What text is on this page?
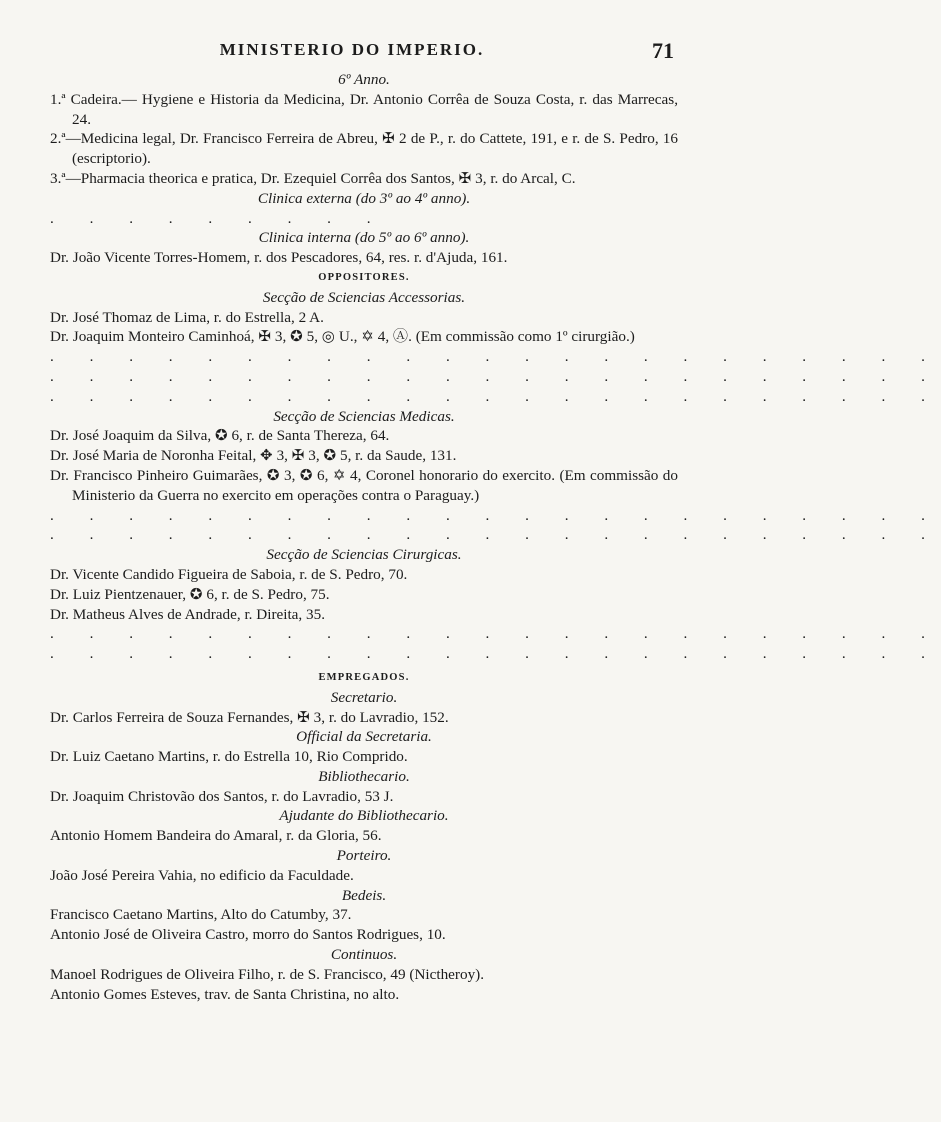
MINISTERIO DO IMPERIO.	71
6º Anno.
1.ª Cadeira.— Hygiene e Historia da Medicina, Dr. Antonio Corrêa de Souza Costa, r. das Marrecas, 24.
2.ª—Medicina legal, Dr. Francisco Ferreira de Abreu, ✠ 2 de P., r. do Cattete, 191, e r. de S. Pedro, 16 (escriptorio).
3.ª—Pharmacia theorica e pratica, Dr. Ezequiel Corrêa dos Santos, ✠ 3, r. do Arcal, C.
Clinica externa (do 3º ao 4º anno).
. . . . . . . . .
Clinica interna (do 5º ao 6º anno).
Dr. João Vicente Torres-Homem, r. dos Pescadores, 64, res. r. d'Ajuda, 161.
OPPOSITORES.
Secção de Sciencias Accessorias.
Dr. José Thomaz de Lima, r. do Estrella, 2 A.
Dr. Joaquim Monteiro Caminhoá, ✠ 3, ✪ 5, ◎ U., ✡ 4, Ⓐ. (Em commissão como 1º cirurgião.)
. . . . . . . . . . . . . . . . . . . . . . .
. . . . . . . . . . . . . . . . . . . . . . .
. . . . . . . . . . . . . . . . . . . . . . .
Secção de Sciencias Medicas.
Dr. José Joaquim da Silva, ✪ 6, r. de Santa Thereza, 64.
Dr. José Maria de Noronha Feital, ✥ 3, ✠ 3, ✪ 5, r. da Saude, 131.
Dr. Francisco Pinheiro Guimarães, ✪ 3, ✪ 6, ✡ 4, Coronel honorario do exercito. (Em commissão do Ministerio da Guerra no exercito em operações contra o Paraguay.)
. . . . . . . . . . . . . . . . . . . . . . .
. . . . . . . . . . . . . . . . . . . . . . .
Secção de Sciencias Cirurgicas.
Dr. Vicente Candido Figueira de Saboia, r. de S. Pedro, 70.
Dr. Luiz Pientzenauer, ✪ 6, r. de S. Pedro, 75.
Dr. Matheus Alves de Andrade, r. Direita, 35.
. . . . . . . . . . . . . . . . . . . . . . .
. . . . . . . . . . . . . . . . . . . . . . .
EMPREGADOS.
Secretario.
Dr. Carlos Ferreira de Souza Fernandes, ✠ 3, r. do Lavradio, 152.
Official da Secretaria.
Dr. Luiz Caetano Martins, r. do Estrella 10, Rio Comprido.
Bibliothecario.
Dr. Joaquim Christovão dos Santos, r. do Lavradio, 53 J.
Ajudante do Bibliothecario.
Antonio Homem Bandeira do Amaral, r. da Gloria, 56.
Porteiro.
João José Pereira Vahia, no edificio da Faculdade.
Bedeis.
Francisco Caetano Martins, Alto do Catumby, 37.
Antonio José de Oliveira Castro, morro do Santos Rodrigues, 10.
Continuos.
Manoel Rodrigues de Oliveira Filho, r. de S. Francisco, 49 (Nictheroy).
Antonio Gomes Esteves, trav. de Santa Christina, no alto.
